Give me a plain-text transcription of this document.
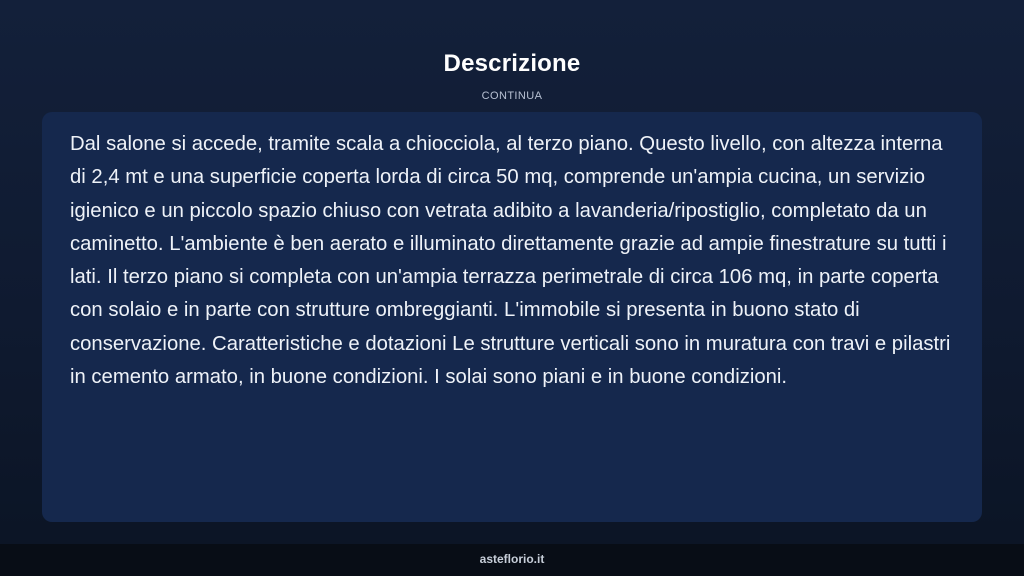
Descrizione
CONTINUA

Dal salone si accede, tramite scala a chiocciola, al terzo piano. Questo livello, con altezza interna di 2,4 mt e una superficie coperta lorda di circa 50 mq, comprende un'ampia cucina, un servizio igienico e un piccolo spazio chiuso con vetrata adibito a lavanderia/ripostiglio, completato da un caminetto. L'ambiente è ben aerato e illuminato direttamente grazie ad ampie finestrature su tutti i lati. Il terzo piano si completa con un'ampia terrazza perimetrale di circa 106 mq, in parte coperta con solaio e in parte con strutture ombreggianti. L'immobile si presenta in buono stato di conservazione. Caratteristiche e dotazioni Le strutture verticali sono in muratura con travi e pilastri in cemento armato, in buone condizioni. I solai sono piani e in buone condizioni.

asteflorio.it
